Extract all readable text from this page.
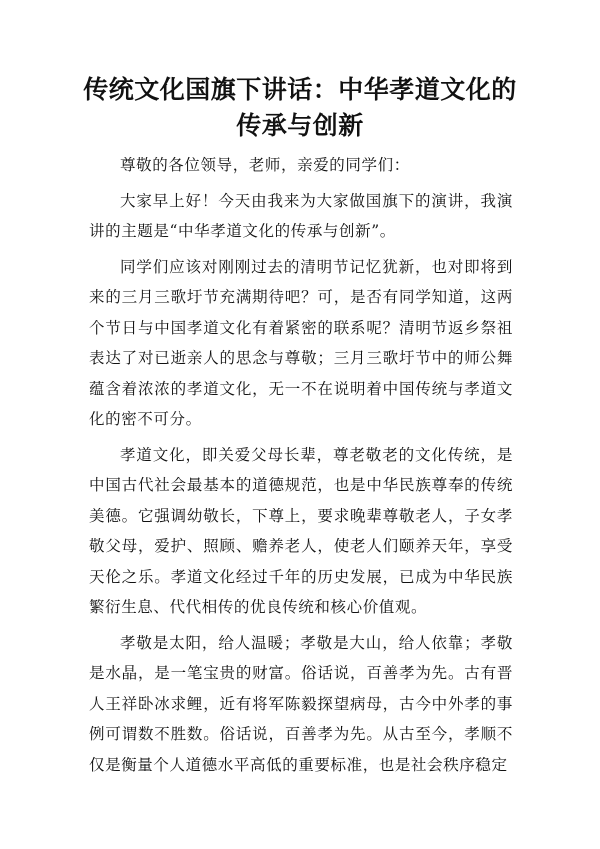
传统文化国旗下讲话：中华孝道文化的传承与创新

尊敬的各位领导，老师，亲爱的同学们：

大家早上好！今天由我来为大家做国旗下的演讲，我演讲的主题是“中华孝道文化的传承与创新”。

同学们应该对刚刚过去的清明节记忆犹新，也对即将到来的三月三歌圩节充满期待吧？可，是否有同学知道，这两个节日与中国孝道文化有着紧密的联系呢？清明节返乡祭祖表达了对已逝亲人的思念与尊敬；三月三歌圩节中的师公舞蕴含着浓浓的孝道文化，无一不在说明着中国传统与孝道文化的密不可分。

孝道文化，即关爱父母长辈，尊老敬老的文化传统，是中国古代社会最基本的道德规范，也是中华民族尊奉的传统美德。它强调幼敬长，下尊上，要求晚辈尊敬老人，子女孝敬父母，爱护、照顾、赡养老人，使老人们颐养天年，享受天伦之乐。孝道文化经过千年的历史发展，已成为中华民族繁衍生息、代代相传的优良传统和核心价值观。

孝敬是太阳，给人温暖；孝敬是大山，给人依靠；孝敬是水晶，是一笔宝贵的财富。俗话说，百善孝为先。古有晋人王祥卧冰求鲤，近有将军陈毅探望病母，古今中外孝的事例可谓数不胜数。俗话说，百善孝为先。从古至今，孝顺不仅是衡量个人道德水平高低的重要标准，也是社会秩序稳定
